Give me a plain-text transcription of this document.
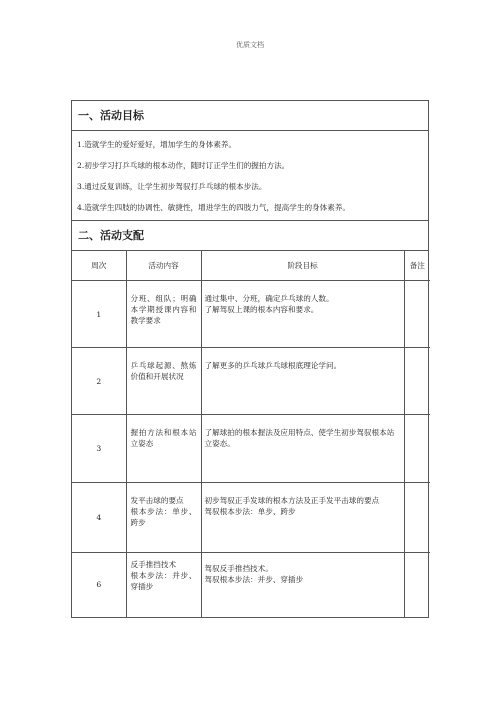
优质文档
一、活动目标
1.造就学生的爱好爱好，增加学生的身体素养。
2.初步学习打乒乓球的根本动作，随时订正学生们的握拍方法。
3.通过反复训练，让学生初步驾驭打乒乓球的根本步法。
4.造就学生四肢的协调性、敏捷性，增进学生的四肢力气，提高学生的身体素养。
二、活动支配
周次	活动内容	阶段目标	备注
1	分班、组队；明确本学期授课内容和教学要求	通过集中、分班，确定乒乓球的人数。
了解驾驭上课的根本内容和要求。	

2	乒乓球起源、熬炼价值和开展状况	了解更多的乒乓球乒乓球根底理论学问。	

3	握拍方法和根本站立姿态	了解球拍的根本握法及应用特点、使学生初步驾驭根本站立姿态。	

4	发平击球的要点
根本步法：单步、跨步	初步驾驭正手发球的根本方法及正手发平击球的要点
驾驭根本步法：单步、跨步	

6	反手推挡技术
根本步法：并步、穿插步	驾驭反手推挡技术。
驾驭根本步法：并步、穿插步	
